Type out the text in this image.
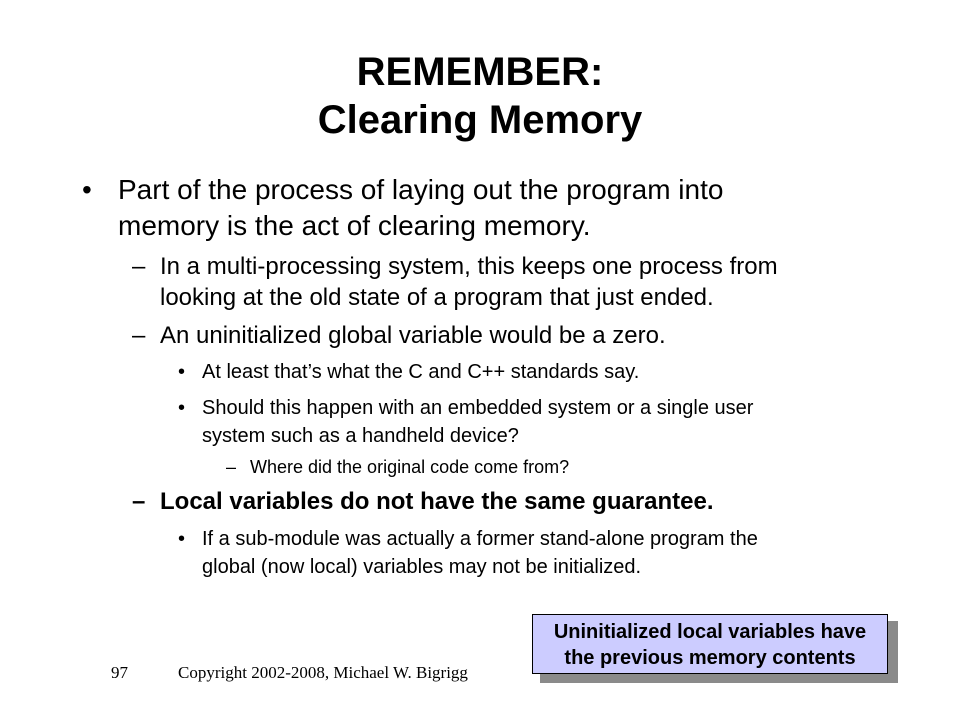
REMEMBER:
Clearing Memory
• Part of the process of laying out the program into
memory is the act of clearing memory.
– In a multi-processing system, this keeps one process from
looking at the old state of a program that just ended.
– An uninitialized global variable would be a zero.
• At least that’s what the C and C++ standards say.
• Should this happen with an embedded system or a single user
system such as a handheld device?
– Where did the original code come from?
– Local variables do not have the same guarantee.
• If a sub-module was actually a former stand-alone program the
global (now local) variables may not be initialized.
Uninitialized local variables have
the previous memory contents
97	Copyright 2002-2008, Michael W. Bigrigg
